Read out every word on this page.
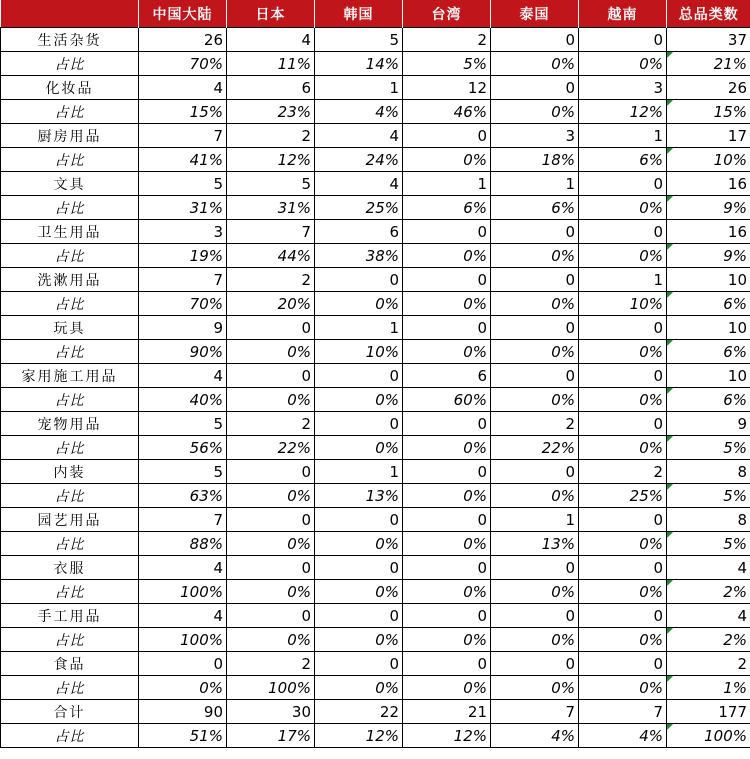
	中国大陆	日本	韩国	台湾	泰国	越南	总品类数
生活杂货	26	4	5	2	0	0	37
占比	70%	11%	14%	5%	0%	0%	21%
化妆品	4	6	1	12	0	3	26
占比	15%	23%	4%	46%	0%	12%	15%
厨房用品	7	2	4	0	3	1	17
占比	41%	12%	24%	0%	18%	6%	10%
文具	5	5	4	1	1	0	16
占比	31%	31%	25%	6%	6%	0%	9%
卫生用品	3	7	6	0	0	0	16
占比	19%	44%	38%	0%	0%	0%	9%
洗漱用品	7	2	0	0	0	1	10
占比	70%	20%	0%	0%	0%	10%	6%
玩具	9	0	1	0	0	0	10
占比	90%	0%	10%	0%	0%	0%	6%
家用施工用品	4	0	0	6	0	0	10
占比	40%	0%	0%	60%	0%	0%	6%
宠物用品	5	2	0	0	2	0	9
占比	56%	22%	0%	0%	22%	0%	5%
内装	5	0	1	0	0	2	8
占比	63%	0%	13%	0%	0%	25%	5%
园艺用品	7	0	0	0	1	0	8
占比	88%	0%	0%	0%	13%	0%	5%
衣服	4	0	0	0	0	0	4
占比	100%	0%	0%	0%	0%	0%	2%
手工用品	4	0	0	0	0	0	4
占比	100%	0%	0%	0%	0%	0%	2%
食品	0	2	0	0	0	0	2
占比	0%	100%	0%	0%	0%	0%	1%
合计	90	30	22	21	7	7	177
占比	51%	17%	12%	12%	4%	4%	100%
